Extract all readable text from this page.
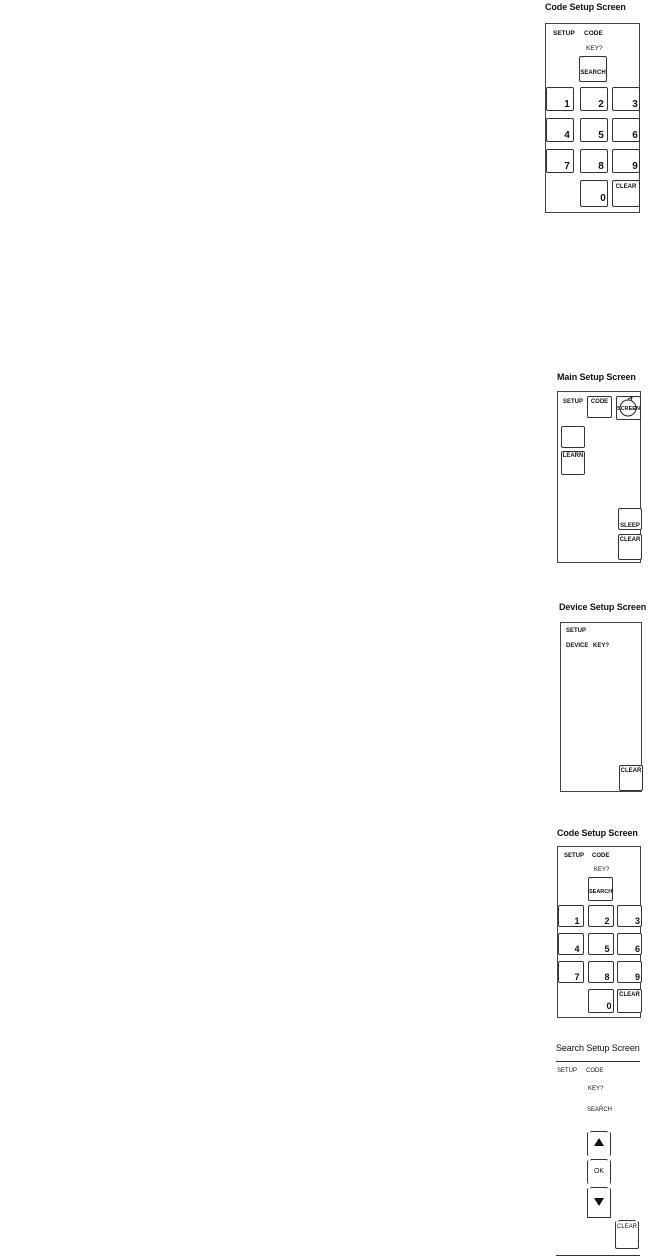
Code Setup Screen
SETUP CODE
KEY?
SEARCH
1	2	3
4	5	6
7	8	9
0
CLEAR
Main Setup Screen
SETUP	CODE
SCREEN
LEARN
SLEEP
CLEAR
Device Setup Screen
SETUP
DEVICE KEY?
CLEAR
Code Setup Screen
SETUP CODE
KEY?
SEARCH
1	2	3
4	5	6
7	8	9
0
CLEAR
Search Setup Screen
SETUP CODE
KEY?
SEARCH
OK
CLEAR
